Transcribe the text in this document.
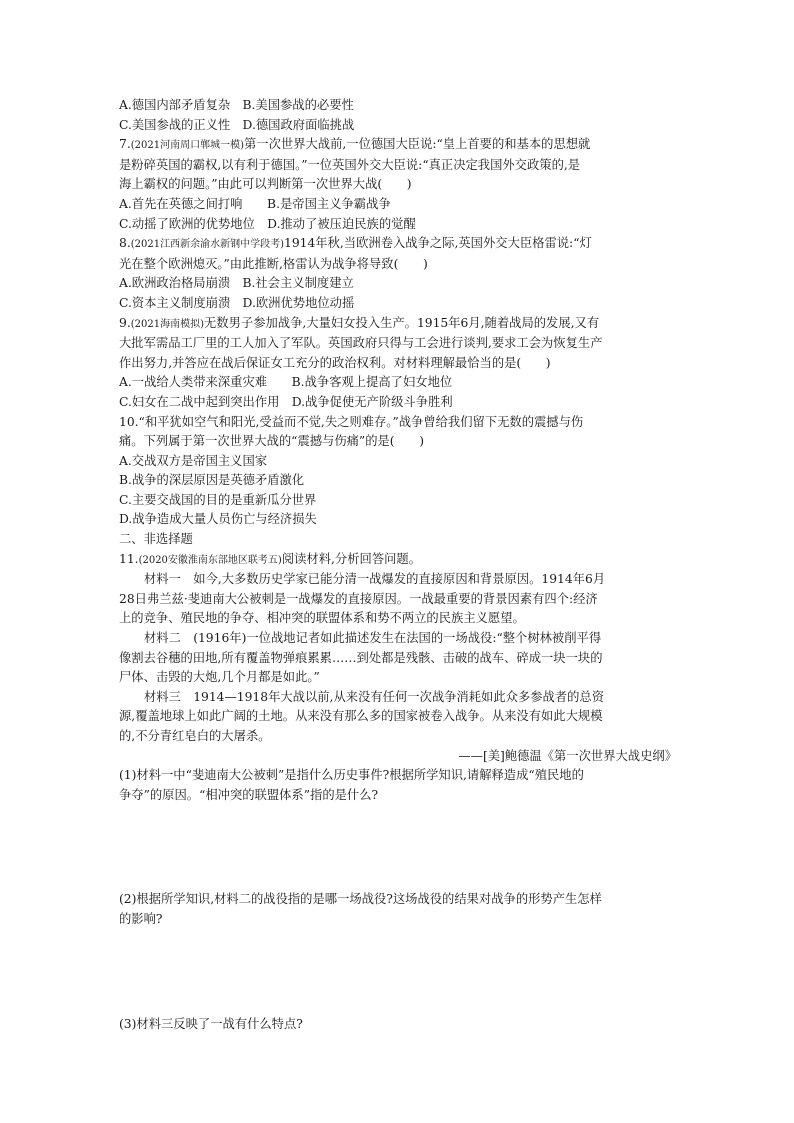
A.德国内部矛盾复杂　B.美国参战的必要性
C.美国参战的正义性　D.德国政府面临挑战
7.(2021河南周口郸城一模)第一次世界大战前,一位德国大臣说:“皇上首要的和基本的思想就
是粉碎英国的霸权,以有利于德国。”一位英国外交大臣说:“真正决定我国外交政策的,是
海上霸权的问题。”由此可以判断第一次世界大战(　　)
A.首先在英德之间打响　　B.是帝国主义争霸战争
C.动摇了欧洲的优势地位　D.推动了被压迫民族的觉醒
8.(2021江西新余渝水新钢中学段考)1914年秋,当欧洲卷入战争之际,英国外交大臣格雷说:“灯
光在整个欧洲熄灭。”由此推断,格雷认为战争将导致(　　)
A.欧洲政治格局崩溃　B.社会主义制度建立
C.资本主义制度崩溃　D.欧洲优势地位动摇
9.(2021海南模拟)无数男子参加战争,大量妇女投入生产。1915年6月,随着战局的发展,又有
大批军需品工厂里的工人加入了军队。英国政府只得与工会进行谈判,要求工会为恢复生产
作出努力,并答应在战后保证女工充分的政治权利。对材料理解最恰当的是(　　)
A.一战给人类带来深重灾难　　B.战争客观上提高了妇女地位
C.妇女在二战中起到突出作用　D.战争促使无产阶级斗争胜利
10.“和平犹如空气和阳光,受益而不觉,失之则难存。”战争曾给我们留下无数的震撼与伤
痛。下列属于第一次世界大战的“震撼与伤痛”的是(　　)
A.交战双方是帝国主义国家
B.战争的深层原因是英德矛盾激化
C.主要交战国的目的是重新瓜分世界
D.战争造成大量人员伤亡与经济损失
二、非选择题
11.(2020安徽淮南东部地区联考五)阅读材料,分析回答问题。
材料一　如今,大多数历史学家已能分清一战爆发的直接原因和背景原因。1914年6月
28日弗兰兹·斐迪南大公被刺是一战爆发的直接原因。一战最重要的背景因素有四个:经济
上的竞争、殖民地的争夺、相冲突的联盟体系和势不两立的民族主义愿望。
材料二　(1916年)一位战地记者如此描述发生在法国的一场战役:“整个树林被削平得
像割去谷穗的田地,所有覆盖物弹痕累累……到处都是残骸、击破的战车、碎成一块一块的
尸体、击毁的大炮,几个月都是如此。”
材料三　1914—1918年大战以前,从来没有任何一次战争消耗如此众多参战者的总资
源,覆盖地球上如此广阔的土地。从来没有那么多的国家被卷入战争。从来没有如此大规模
的,不分青红皂白的大屠杀。
——[美]鲍德温《第一次世界大战史纲》
(1)材料一中“斐迪南大公被刺”是指什么历史事件?根据所学知识,请解释造成“殖民地的
争夺”的原因。“相冲突的联盟体系”指的是什么?
(2)根据所学知识,材料二的战役指的是哪一场战役?这场战役的结果对战争的形势产生怎样
的影响?
(3)材料三反映了一战有什么特点?
